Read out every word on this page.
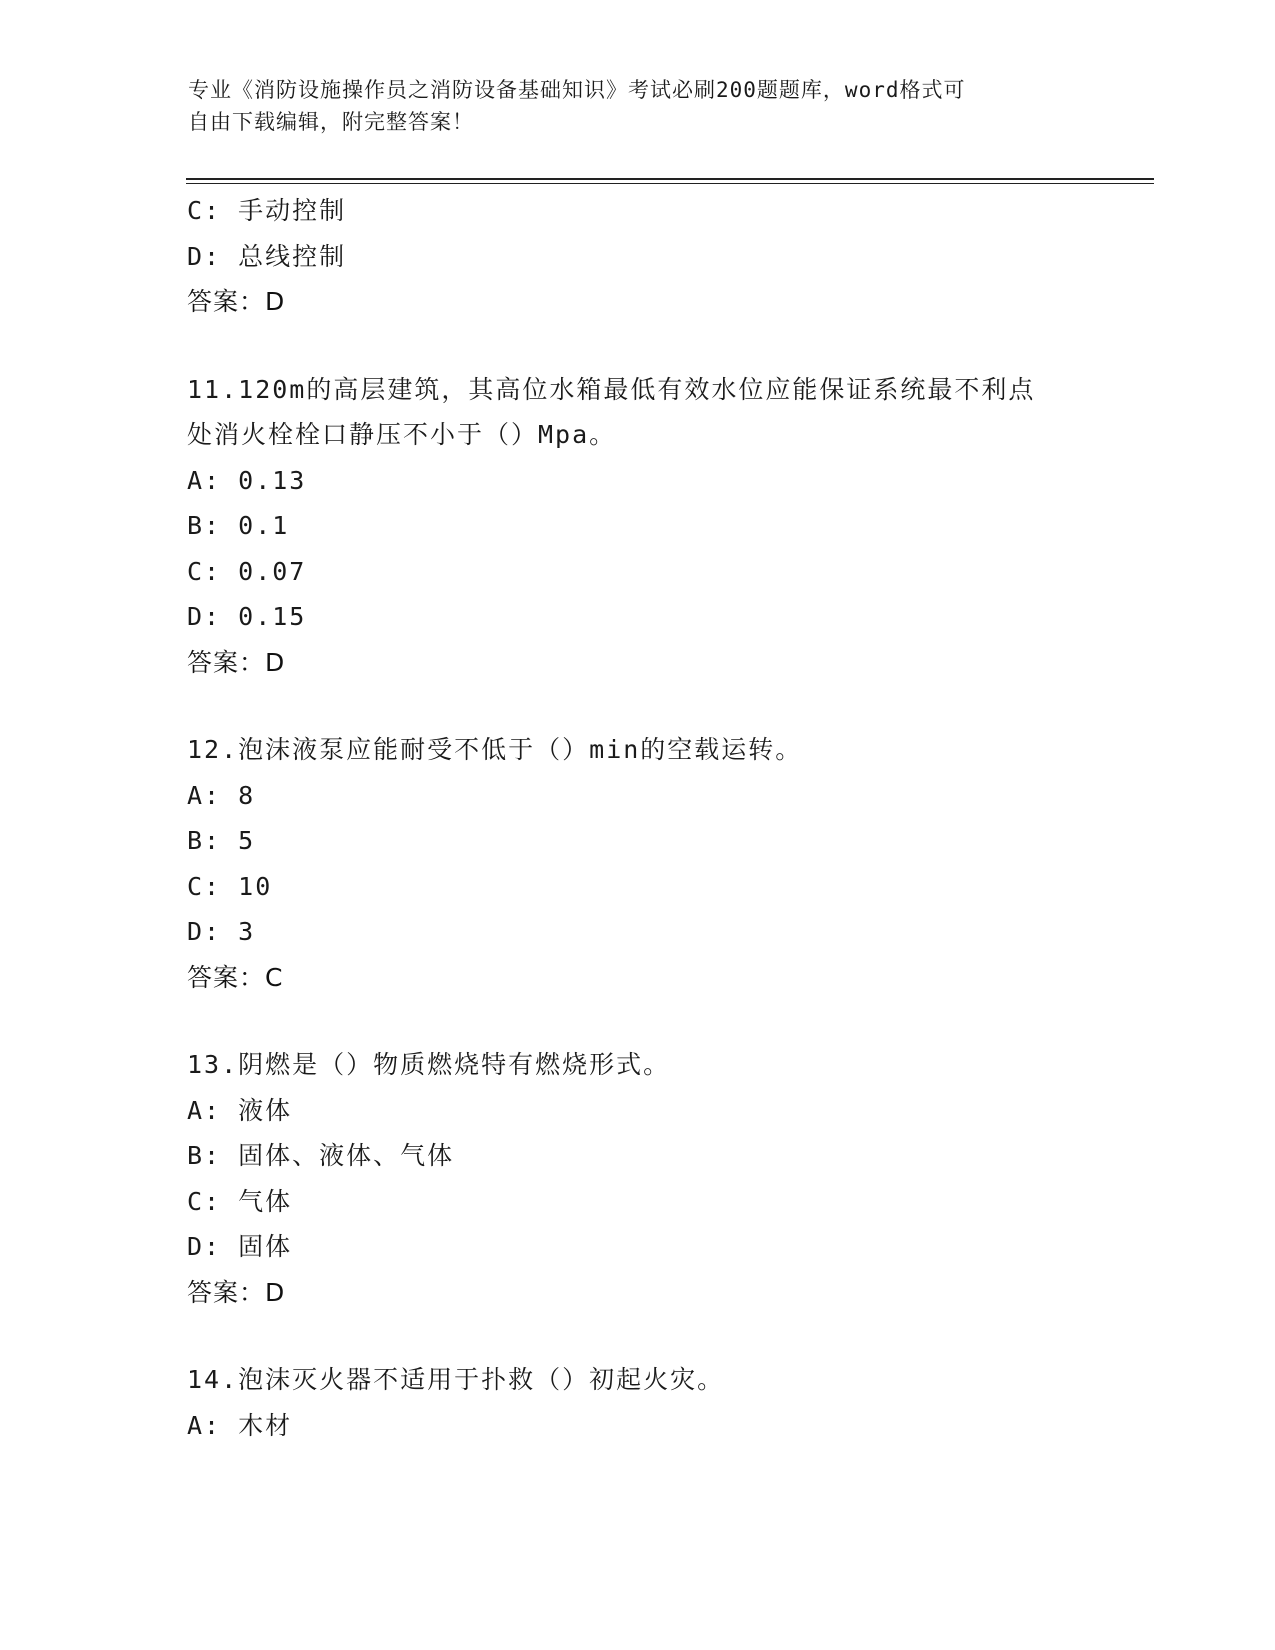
专业《消防设施操作员之消防设备基础知识》考试必刷200题题库，word格式可
自由下载编辑，附完整答案！
C: 手动控制
D: 总线控制
答案：D
11.120m的高层建筑，其高位水箱最低有效水位应能保证系统最不利点
处消火栓栓口静压不小于（）Mpa。
A: 0.13
B: 0.1
C: 0.07
D: 0.15
答案：D
12.泡沫液泵应能耐受不低于（）min的空载运转。
A: 8
B: 5
C: 10
D: 3
答案：C
13.阴燃是（）物质燃烧特有燃烧形式。
A: 液体
B: 固体、液体、气体
C: 气体
D: 固体
答案：D
14.泡沫灭火器不适用于扑救（）初起火灾。
A: 木材
